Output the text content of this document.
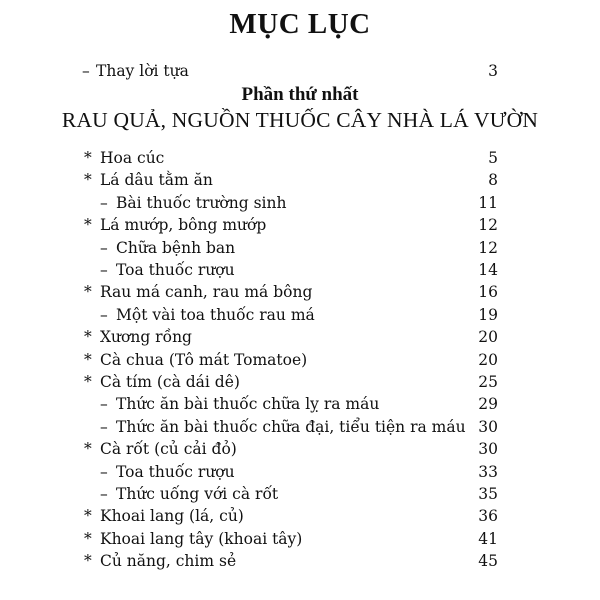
MỤC LỤC
– Thay lời tựa	3
Phần thứ nhất
RAU QUẢ, NGUỒN THUỐC CÂY NHÀ LÁ VƯỜN
* Hoa cúc	5
* Lá dâu tằm ăn	8
– Bài thuốc trường sinh	11
* Lá mướp, bông mướp	12
– Chữa bệnh ban	12
– Toa thuốc rượu	14
* Rau má canh, rau má bông	16
– Một vài toa thuốc rau má	19
* Xương rồng	20
* Cà chua (Tô mát Tomatoe)	20
* Cà tím (cà dái dê)	25
– Thức ăn bài thuốc chữa lỵ ra máu	29
– Thức ăn bài thuốc chữa đại, tiểu tiện ra máu 30
* Cà rốt (củ cải đỏ)	30
– Toa thuốc rượu	33
– Thức uống với cà rốt	35
* Khoai lang (lá, củ)	36
* Khoai lang tây (khoai tây)	41
* Củ năng, chim sẻ	45
